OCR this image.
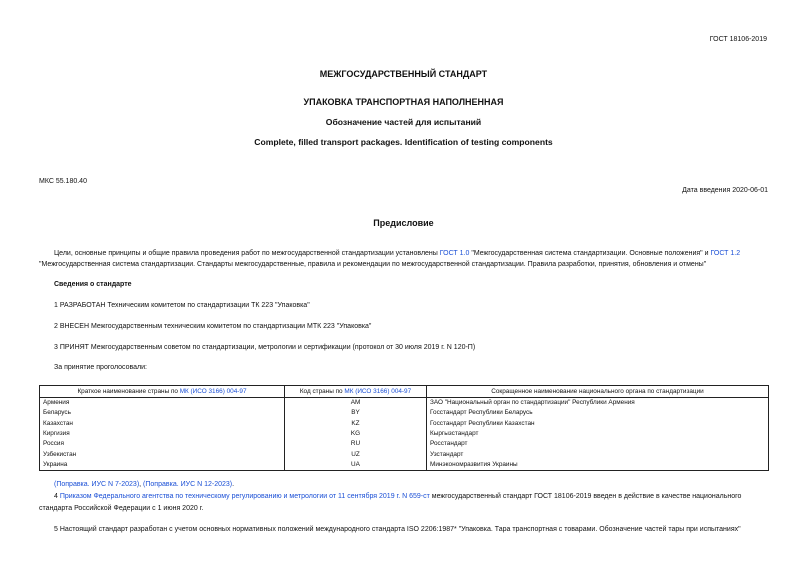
ГОСТ 18106-2019
МЕЖГОСУДАРСТВЕННЫЙ СТАНДАРТ
УПАКОВКА ТРАНСПОРТНАЯ НАПОЛНЕННАЯ
Обозначение частей для испытаний
Complete, filled transport packages. Identification of testing components
МКС 55.180.40
Дата введения 2020-06-01
Предисловие
Цели, основные принципы и общие правила проведения работ по межгосударственной стандартизации установлены ГОСТ 1.0 "Межгосударственная система стандартизации. Основные положения" и ГОСТ 1.2
"Межгосударственная система стандартизации. Стандарты межгосударственные, правила и рекомендации по межгосударственной стандартизации. Правила разработки, принятия, обновления и отмены"
Сведения о стандарте
1 РАЗРАБОТАН Техническим комитетом по стандартизации ТК 223 "Упаковка"
2 ВНЕСЕН Межгосударственным техническим комитетом по стандартизации МТК 223 "Упаковка"
3 ПРИНЯТ Межгосударственным советом по стандартизации, метрологии и сертификации (протокол от 30 июля 2019 г. N 120-П)
За принятие проголосовали:
Краткое наименование страны по МК (ИСО 3166) 004-97	Код страны по МК (ИСО 3166) 004-97	Сокращенное наименование национального органа по стандартизации
Армения	AM	ЗАО "Национальный орган по стандартизации" Республики Армения
Беларусь	BY	Госстандарт Республики Беларусь
Казахстан	KZ	Госстандарт Республики Казахстан
Киргизия	KG	Кыргызстандарт
Россия	RU	Росстандарт
Узбекистан	UZ	Узстандарт
Украина	UA	Минэкономразвития Украины
(Поправка. ИУС N 7-2023), (Поправка. ИУС N 12-2023).
4 Приказом Федерального агентства по техническому регулированию и метрологии от 11 сентября 2019 г. N 659-ст межгосударственный стандарт ГОСТ 18106-2019 введен в действие в качестве национального
стандарта Российской Федерации с 1 июня 2020 г.
5 Настоящий стандарт разработан с учетом основных нормативных положений международного стандарта ISO 2206:1987* "Упаковка. Тара транспортная с товарами. Обозначение частей тары при испытаниях"
